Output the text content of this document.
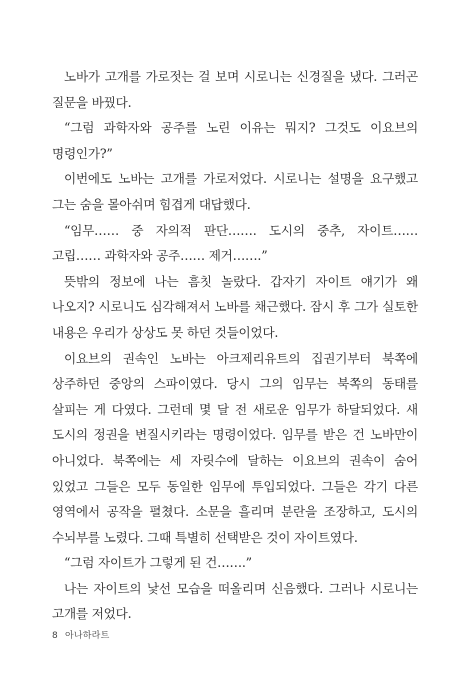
노바가 고개를 가로젓는 걸 보며 시로니는 신경질을 냈다. 그러곤 질문을 바꿨다.

“그럼 과학자와 공주를 노린 이유는 뭐지? 그것도 이요브의 명령인가?”

이번에도 노바는 고개를 가로저었다. 시로니는 설명을 요구했고 그는 숨을 몰아쉬며 힘겹게 대답했다.

“임무…… 중 자의적 판단……. 도시의 중추, 자이트…… 고립…… 과학자와 공주…… 제거…….”

뜻밖의 정보에 나는 흠칫 놀랐다. 갑자기 자이트 얘기가 왜 나오지? 시로니도 심각해져서 노바를 채근했다. 잠시 후 그가 실토한 내용은 우리가 상상도 못 하던 것들이었다.

이요브의 권속인 노바는 아크제리유트의 집권기부터 북쪽에 상주하던 중앙의 스파이였다. 당시 그의 임무는 북쪽의 동태를 살피는 게 다였다. 그런데 몇 달 전 새로운 임무가 하달되었다. 새 도시의 정권을 변질시키라는 명령이었다. 임무를 받은 건 노바만이 아니었다. 북쪽에는 세 자릿수에 달하는 이요브의 권속이 숨어 있었고 그들은 모두 동일한 임무에 투입되었다. 그들은 각기 다른 영역에서 공작을 펼쳤다. 소문을 흘리며 분란을 조장하고, 도시의 수뇌부를 노렸다. 그때 특별히 선택받은 것이 자이트였다.

“그럼 자이트가 그렇게 된 건…….”

나는 자이트의 낯선 모습을 떠올리며 신음했다. 그러나 시로니는 고개를 저었다.

8 아나하라트
